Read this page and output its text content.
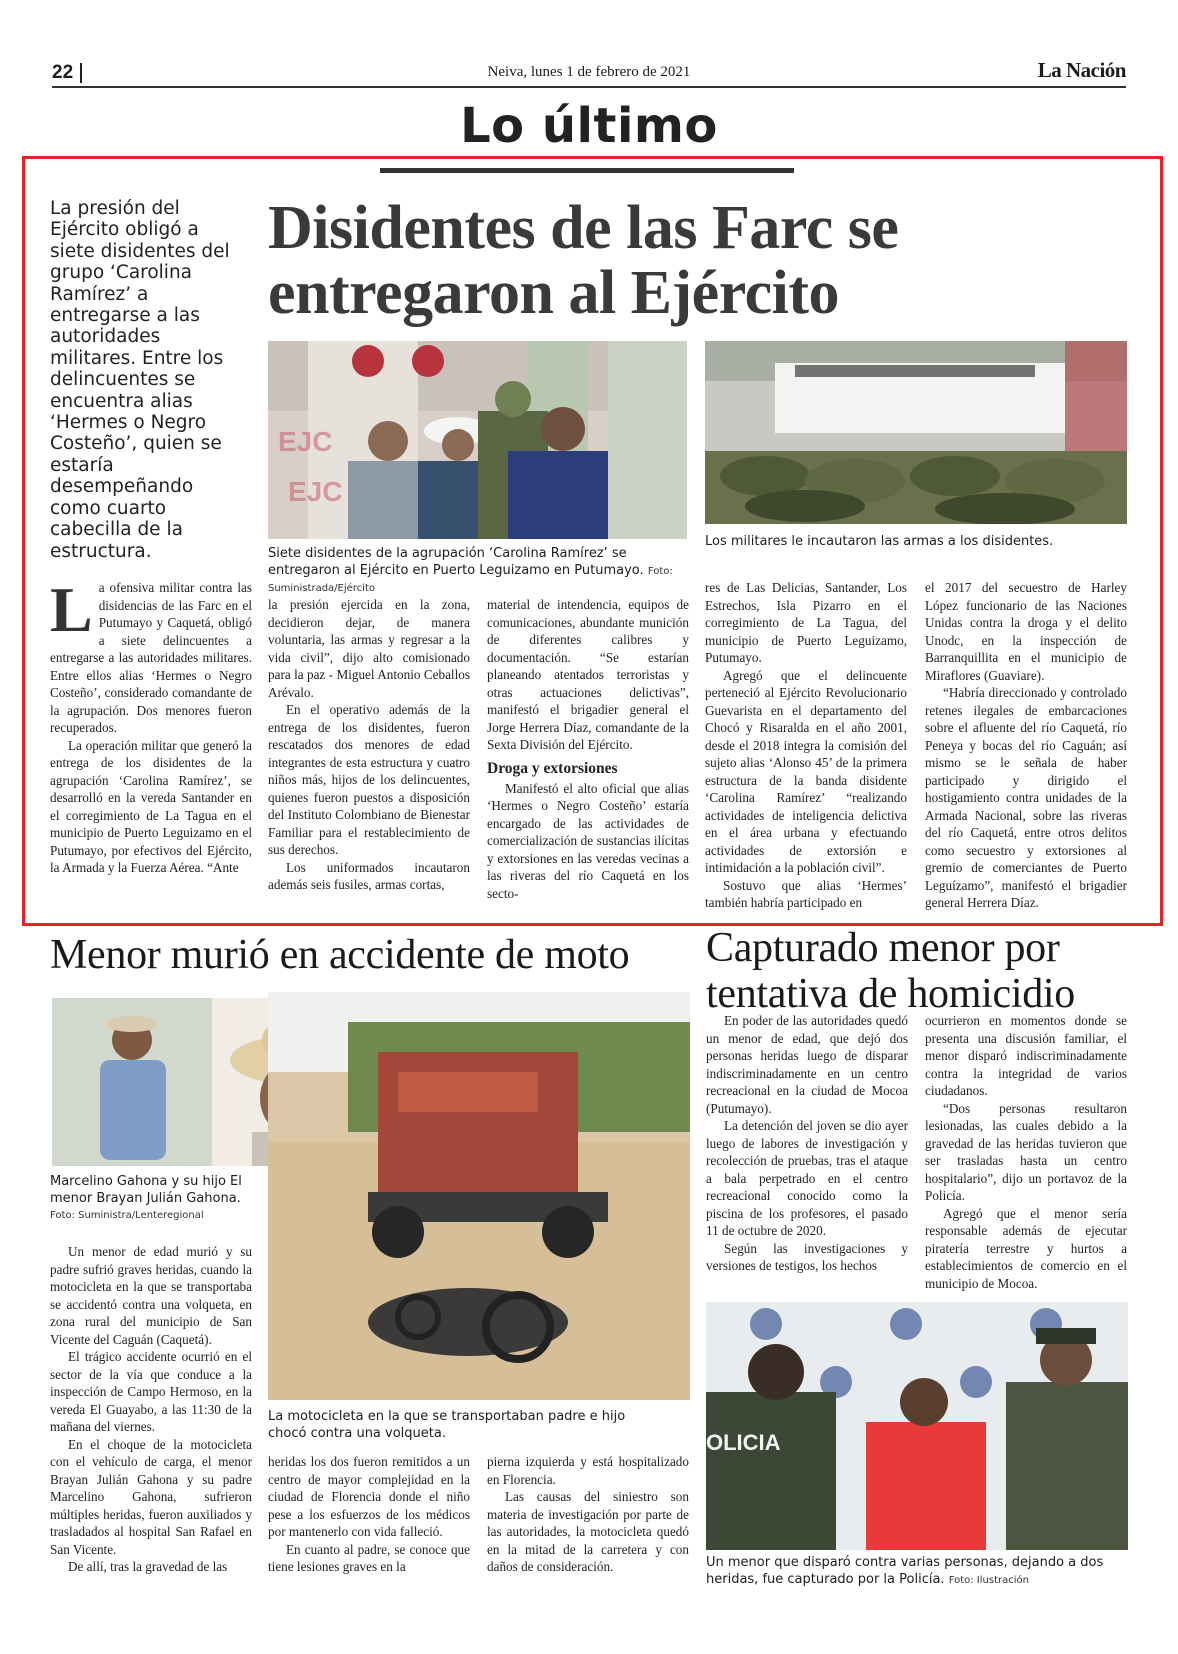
22	Neiva, lunes 1 de febrero de 2021	La Nación
Lo último
La presión del Ejército obligó a siete disidentes del grupo ‘Carolina Ramírez’ a entregarse a las autoridades militares. Entre los delincuentes se encuentra alias ‘Hermes o Negro Costeño’, quien se estaría desempeñando como cuarto cabecilla de la estructura.
Disidentes de las Farc se entregaron al Ejército
EJC
EJC
Siete disidentes de la agrupación ‘Carolina Ramírez’ se entregaron al Ejército en Puerto Leguizamo en Putumayo. Foto: Suministrada/Ejército
Los militares le incautaron las armas a los disidentes.
L a ofensiva militar contra las disidencias de las Farc en el Putumayo y Caquetá, obligó a siete delincuentes a entregarse a las autoridades militares. Entre ellos alias ‘Hermes o Negro Costeño’, considerado comandante de la agrupación. Dos menores fueron recuperados.

La operación militar que generó la entrega de los disidentes de la agrupación ‘Carolina Ramírez’, se desarrolló en la vereda Santander en el corregimiento de La Tagua en el municipio de Puerto Leguizamo en el Putumayo, por efectivos del Ejército, la Armada y la Fuerza Aérea. “Ante

la presión ejercida en la zona, decidieron dejar, de manera voluntaria, las armas y regresar a la vida civil”, dijo alto comisionado para la paz - Miguel Antonio Ceballos Arévalo.

En el operativo además de la entrega de los disidentes, fueron rescatados dos menores de edad integrantes de esta estructura y cuatro niños más, hijos de los delincuentes, quienes fueron puestos a disposición del Instituto Colombiano de Bienestar Familiar para el restablecimiento de sus derechos.

Los uniformados incautaron además seis fusiles, armas cortas,

material de intendencia, equipos de comunicaciones, abundante munición de diferentes calibres y documentación. “Se estarían planeando atentados terroristas y otras actuaciones delictivas”, manifestó el brigadier general el Jorge Herrera Díaz, comandante de la Sexta División del Ejército.

Droga y extorsiones

Manifestó el alto oficial que alias ‘Hermes o Negro Costeño’ estaría encargado de las actividades de comercialización de sustancias ilícitas y extorsiones en las veredas vecinas a las riveras del río Caquetá en los secto-

res de Las Delicias, Santander, Los Estrechos, Isla Pizarro en el corregimiento de La Tagua, del municipio de Puerto Leguizamo, Putumayo.

Agregó que el delincuente perteneció al Ejército Revolucionario Guevarista en el departamento del Chocó y Risaralda en el año 2001, desde el 2018 integra la comisión del sujeto alias ‘Alonso 45’ de la primera estructura de la banda disidente ‘Carolina Ramírez’ “realizando actividades de inteligencia delictiva en el área urbana y efectuando actividades de extorsión e intimidación a la población civil”.

Sostuvo que alias ‘Hermes’ también habría participado en

el 2017 del secuestro de Harley López funcionario de las Naciones Unidas contra la droga y el delito Unodc, en la inspección de Barranquillita en el municipio de Miraflores (Guaviare).

“Habría direccionado y controlado retenes ilegales de embarcaciones sobre el afluente del río Caquetá, río Peneya y bocas del río Caguán; así mismo se le señala de haber participado y dirigido el hostigamiento contra unidades de la Armada Nacional, sobre las riveras del río Caquetá, entre otros delitos como secuestro y extorsiones al gremio de comerciantes de Puerto Leguízamo”, manifestó el brigadier general Herrera Díaz.

Menor murió en accidente de moto
Marcelino Gahona y su hijo El menor Brayan Julián Gahona.
Foto: Suministra/Lenteregional
La motocicleta en la que se transportaban padre e hijo chocó contra una volqueta.

Un menor de edad murió y su padre sufrió graves heridas, cuando la motocicleta en la que se transportaba se accidentó contra una volqueta, en zona rural del municipio de San Vicente del Caguán (Caquetá).

El trágico accidente ocurrió en el sector de la vía que conduce a la inspección de Campo Hermoso, en la vereda El Guayabo, a las 11:30 de la mañana del viernes.

En el choque de la motocicleta con el vehículo de carga, el menor Brayan Julián Gahona y su padre Marcelino Gahona, sufrieron múltiples heridas, fueron auxiliados y trasladados al hospital San Rafael en San Vicente.

De allí, tras la gravedad de las

heridas los dos fueron remitidos a un centro de mayor complejidad en la ciudad de Florencia donde el niño pese a los esfuerzos de los médicos por mantenerlo con vida falleció.

En cuanto al padre, se conoce que tiene lesiones graves en la

pierna izquierda y está hospitalizado en Florencia.

Las causas del siniestro son materia de investigación por parte de las autoridades, la motocicleta quedó en la mitad de la carretera y con daños de consideración.

Capturado menor por tentativa de homicidio

En poder de las autoridades quedó un menor de edad, que dejó dos personas heridas luego de disparar indiscriminadamente en un centro recreacional en la ciudad de Mocoa (Putumayo).

La detención del joven se dio ayer luego de labores de investigación y recolección de pruebas, tras el ataque a bala perpetrado en el centro recreacional conocido como la piscina de los profesores, el pasado 11 de octubre de 2020.

Según las investigaciones y versiones de testigos, los hechos

ocurrieron en momentos donde se presenta una discusión familiar, el menor disparó indiscriminadamente contra la integridad de varios ciudadanos.

“Dos personas resultaron lesionadas, las cuales debido a la gravedad de las heridas tuvieron que ser trasladas hasta un centro hospitalario”, dijo un portavoz de la Policía.

Agregó que el menor sería responsable además de ejecutar piratería terrestre y hurtos a establecimientos de comercio en el municipio de Mocoa.

OLICIA
Un menor que disparó contra varias personas, dejando a dos heridas, fue capturado por la Policía. Foto: Ilustración
